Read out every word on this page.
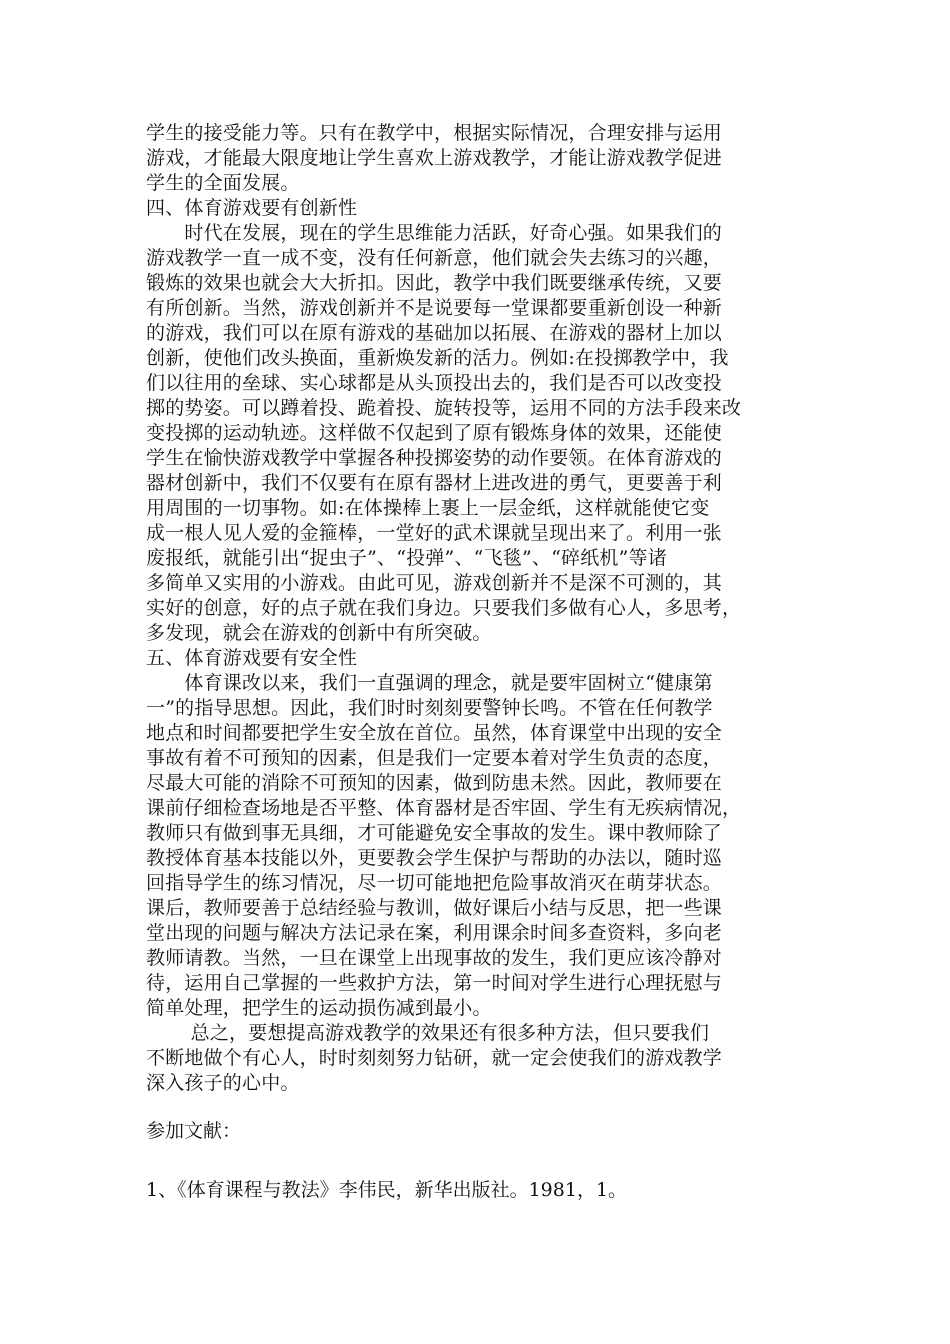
学生的接受能力等。只有在教学中，根据实际情况，合理安排与运用
游戏，才能最大限度地让学生喜欢上游戏教学，才能让游戏教学促进
学生的全面发展。
四、体育游戏要有创新性
　　时代在发展，现在的学生思维能力活跃，好奇心强。如果我们的
游戏教学一直一成不变，没有任何新意，他们就会失去练习的兴趣，
锻炼的效果也就会大大折扣。因此，教学中我们既要继承传统，又要
有所创新。当然，游戏创新并不是说要每一堂课都要重新创设一种新
的游戏，我们可以在原有游戏的基础加以拓展、在游戏的器材上加以
创新，使他们改头换面，重新焕发新的活力。例如:在投掷教学中，我
们以往用的垒球、实心球都是从头顶投出去的，我们是否可以改变投
掷的势姿。可以蹲着投、跪着投、旋转投等，运用不同的方法手段来改
变投掷的运动轨迹。这样做不仅起到了原有锻炼身体的效果，还能使
学生在愉快游戏教学中掌握各种投掷姿势的动作要领。在体育游戏的
器材创新中，我们不仅要有在原有器材上进改进的勇气，更要善于利
用周围的一切事物。如:在体操棒上裹上一层金纸，这样就能使它变
成一根人见人爱的金箍棒，一堂好的武术课就呈现出来了。利用一张
废报纸，就能引出“捉虫子”、“投弹”、“飞毯”、“碎纸机”等诸
多简单又实用的小游戏。由此可见，游戏创新并不是深不可测的，其
实好的创意，好的点子就在我们身边。只要我们多做有心人，多思考，
多发现，就会在游戏的创新中有所突破。
五、体育游戏要有安全性
　　体育课改以来，我们一直强调的理念，就是要牢固树立“健康第
一”的指导思想。因此，我们时时刻刻要警钟长鸣。不管在任何教学
地点和时间都要把学生安全放在首位。虽然，体育课堂中出现的安全
事故有着不可预知的因素，但是我们一定要本着对学生负责的态度，
尽最大可能的消除不可预知的因素，做到防患未然。因此，教师要在
课前仔细检查场地是否平整、体育器材是否牢固、学生有无疾病情况，
教师只有做到事无具细，才可能避免安全事故的发生。课中教师除了
教授体育基本技能以外，更要教会学生保护与帮助的办法以，随时巡
回指导学生的练习情况，尽一切可能地把危险事故消灭在萌芽状态。
课后，教师要善于总结经验与教训，做好课后小结与反思，把一些课
堂出现的问题与解决方法记录在案，利用课余时间多查资料，多向老
教师请教。当然，一旦在课堂上出现事故的发生，我们更应该冷静对
待，运用自己掌握的一些救护方法，第一时间对学生进行心理抚慰与
简单处理，把学生的运动损伤减到最小。
　　 总之，要想提高游戏教学的效果还有很多种方法，但只要我们
不断地做个有心人，时时刻刻努力钻研，就一定会使我们的游戏教学
深入孩子的心中。
参加文献：
1、《体育课程与教法》李伟民，新华出版社。1981，1。
